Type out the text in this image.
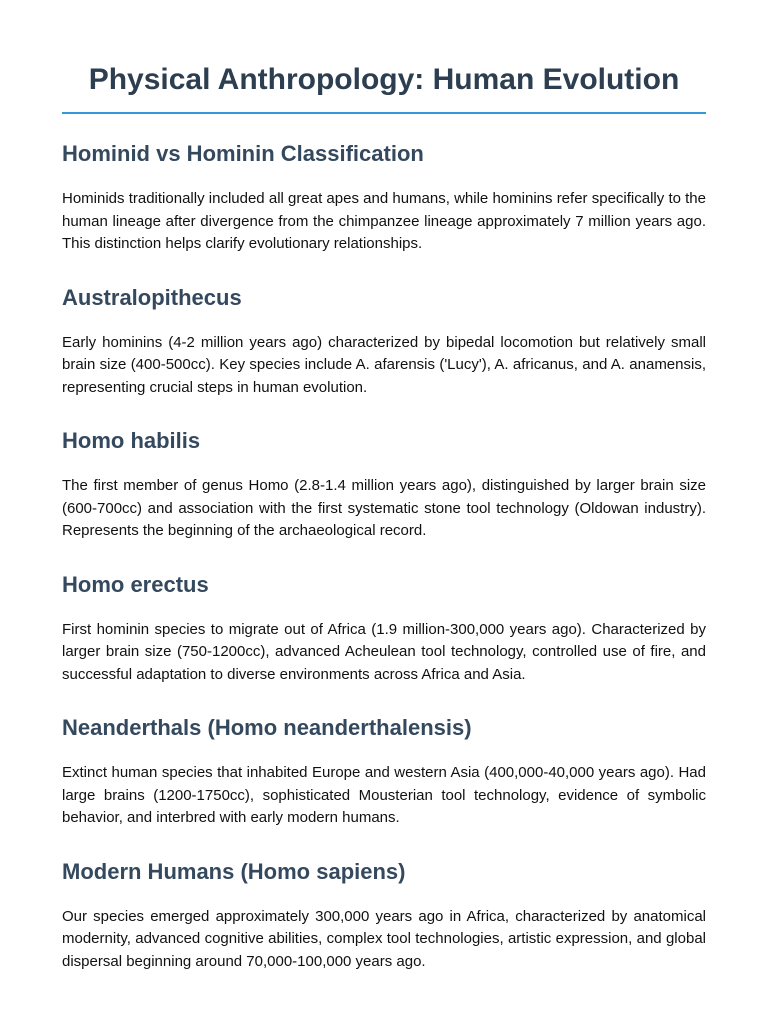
Physical Anthropology: Human Evolution
Hominid vs Hominin Classification

Hominids traditionally included all great apes and humans, while hominins refer specifically to the human lineage after divergence from the chimpanzee lineage approximately 7 million years ago. This distinction helps clarify evolutionary relationships.

Australopithecus

Early hominins (4-2 million years ago) characterized by bipedal locomotion but relatively small brain size (400-500cc). Key species include A. afarensis ('Lucy'), A. africanus, and A. anamensis, representing crucial steps in human evolution.

Homo habilis

The first member of genus Homo (2.8-1.4 million years ago), distinguished by larger brain size (600-700cc) and association with the first systematic stone tool technology (Oldowan industry). Represents the beginning of the archaeological record.

Homo erectus

First hominin species to migrate out of Africa (1.9 million-300,000 years ago). Characterized by larger brain size (750-1200cc), advanced Acheulean tool technology, controlled use of fire, and successful adaptation to diverse environments across Africa and Asia.

Neanderthals (Homo neanderthalensis)

Extinct human species that inhabited Europe and western Asia (400,000-40,000 years ago). Had large brains (1200-1750cc), sophisticated Mousterian tool technology, evidence of symbolic behavior, and interbred with early modern humans.

Modern Humans (Homo sapiens)

Our species emerged approximately 300,000 years ago in Africa, characterized by anatomical modernity, advanced cognitive abilities, complex tool technologies, artistic expression, and global dispersal beginning around 70,000-100,000 years ago.
